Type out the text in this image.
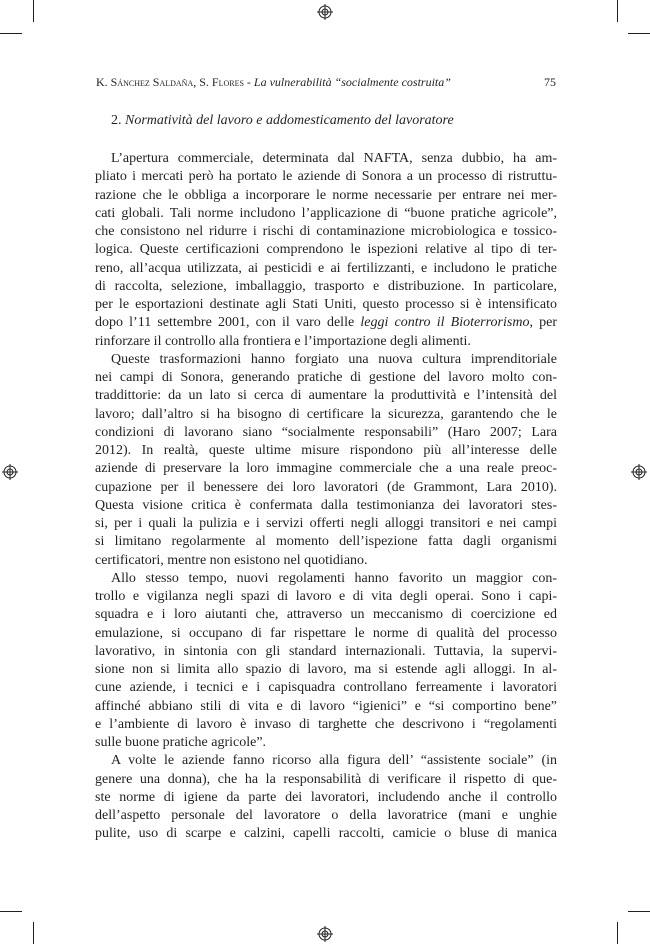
K. Sánchez Saldaña, S. Flores - La vulnerabilità “socialmente costruita”	75
2. Normatività del lavoro e addomesticamento del lavoratore
L’apertura commerciale, determinata dal NAFTA, senza dubbio, ha am-
pliato i mercati però ha portato le aziende di Sonora a un processo di ristruttu-
razione che le obbliga a incorporare le norme necessarie per entrare nei mer-
cati globali. Tali norme includono l’applicazione di “buone pratiche agricole”,
che consistono nel ridurre i rischi di contaminazione microbiologica e tossico-
logica. Queste certificazioni comprendono le ispezioni relative al tipo di ter-
reno, all’acqua utilizzata, ai pesticidi e ai fertilizzanti, e includono le pratiche
di raccolta, selezione, imballaggio, trasporto e distribuzione. In particolare,
per le esportazioni destinate agli Stati Uniti, questo processo si è intensificato
dopo l’11 settembre 2001, con il varo delle leggi contro il Bioterrorismo, per
rinforzare il controllo alla frontiera e l’importazione degli alimenti.
Queste trasformazioni hanno forgiato una nuova cultura imprenditoriale
nei campi di Sonora, generando pratiche di gestione del lavoro molto con-
traddittorie: da un lato si cerca di aumentare la produttività e l’intensità del
lavoro; dall’altro si ha bisogno di certificare la sicurezza, garantendo che le
condizioni di lavorano siano “socialmente responsabili” (Haro 2007; Lara
2012). In realtà, queste ultime misure rispondono più all’interesse delle
aziende di preservare la loro immagine commerciale che a una reale preoc-
cupazione per il benessere dei loro lavoratori (de Grammont, Lara 2010).
Questa visione critica è confermata dalla testimonianza dei lavoratori stes-
si, per i quali la pulizia e i servizi offerti negli alloggi transitori e nei campi
si limitano regolarmente al momento dell’ispezione fatta dagli organismi
certificatori, mentre non esistono nel quotidiano.
Allo stesso tempo, nuovi regolamenti hanno favorito un maggior con-
trollo e vigilanza negli spazi di lavoro e di vita degli operai. Sono i capi-
squadra e i loro aiutanti che, attraverso un meccanismo di coercizione ed
emulazione, si occupano di far rispettare le norme di qualità del processo
lavorativo, in sintonia con gli standard internazionali. Tuttavia, la supervi-
sione non si limita allo spazio di lavoro, ma si estende agli alloggi. In al-
cune aziende, i tecnici e i capisquadra controllano ferreamente i lavoratori
affinché abbiano stili di vita e di lavoro “igienici” e “si comportino bene”
e l’ambiente di lavoro è invaso di targhette che descrivono i “regolamenti
sulle buone pratiche agricole”.
A volte le aziende fanno ricorso alla figura dell’ “assistente sociale” (in
genere una donna), che ha la responsabilità di verificare il rispetto di que-
ste norme di igiene da parte dei lavoratori, includendo anche il controllo
dell’aspetto personale del lavoratore o della lavoratrice (mani e unghie
pulite, uso di scarpe e calzini, capelli raccolti, camicie o bluse di manica
